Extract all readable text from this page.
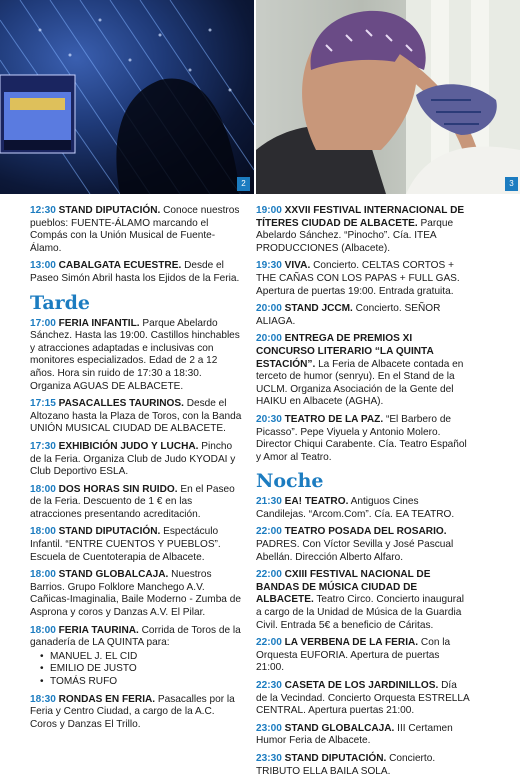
2	3

12:30 STAND DIPUTACIÓN. Conoce nuestros pueblos: FUENTE-ÁLAMO marcando el Compás con la Unión Musical de Fuente-Álamo.

13:00 CABALGATA ECUESTRE. Desde el Paseo Simón Abril hasta los Ejidos de la Feria.

Tarde

17:00 FERIA INFANTIL. Parque Abelardo Sánchez. Hasta las 19:00. Castillos hinchables y atracciones adaptadas e inclusivas con monitores especializados. Edad de 2 a 12 años. Hora sin ruido de 17:30 a 18:30. Organiza AGUAS DE ALBACETE.

17:15 PASACALLES TAURINOS. Desde el Altozano hasta la Plaza de Toros, con la Banda UNIÓN MUSICAL CIUDAD DE ALBACETE.

17:30 EXHIBICIÓN JUDO Y LUCHA. Pincho de la Feria. Organiza Club de Judo KYODAI y Club Deportivo ESLA.

18:00 DOS HORAS SIN RUIDO. En el Paseo de la Feria. Descuento de 1 € en las atracciones presentando acreditación.

18:00 STAND DIPUTACIÓN. Espectáculo Infantil. “ENTRE CUENTOS Y PUEBLOS”. Escuela de Cuentoterapia de Albacete.

18:00 STAND GLOBALCAJA. Nuestros Barrios. Grupo Folklore Manchego A.V. Cañicas-Imaginalia, Baile Moderno - Zumba de Asprona y coros y Danzas A.V. El Pilar.

18:00 FERIA TAURINA. Corrida de Toros de la ganadería de LA QUINTA para:

• MANUEL J. EL CID
• EMILIO DE JUSTO
• TOMÁS RUFO

18:30 RONDAS EN FERIA. Pasacalles por la Feria y Centro Ciudad, a cargo de la A.C. Coros y Danzas El Trillo.

19:00 XXVII FESTIVAL INTERNACIONAL DE TÍTERES CIUDAD DE ALBACETE. Parque Abelardo Sánchez. “Pinocho”. Cía. ITEA PRODUCCIONES (Albacete).

19:30 VIVA. Concierto. CELTAS CORTOS + THE CAÑAS CON LOS PAPAS + FULL GAS. Apertura de puertas 19:00. Entrada gratuita.

20:00 STAND JCCM. Concierto. SEÑOR ALIAGA.

20:00 ENTREGA DE PREMIOS XI CONCURSO LITERARIO “LA QUINTA ESTACIÓN”. La Feria de Albacete contada en terceto de humor (senryu). En el Stand de la UCLM. Organiza Asociación de la Gente del HAIKU en Albacete (AGHA).

20:30 TEATRO DE LA PAZ. “El Barbero de Picasso”. Pepe Viyuela y Antonio Molero. Director Chiqui Carabente. Cía. Teatro Español y Amor al Teatro.

Noche

21:30 EA! TEATRO. Antiguos Cines Candilejas. “Arcom.Com”. Cía. EA TEATRO.

22:00 TEATRO POSADA DEL ROSARIO. PADRES. Con Víctor Sevilla y José Pascual Abellán. Dirección Alberto Alfaro.

22:00 CXIII FESTIVAL NACIONAL DE BANDAS DE MÚSICA CIUDAD DE ALBACETE. Teatro Circo. Concierto inaugural a cargo de la Unidad de Música de la Guardia Civil. Entrada 5€ a beneficio de Cáritas.

22:00 LA VERBENA DE LA FERIA. Con la Orquesta EUFORIA. Apertura de puertas 21:00.

22:30 CASETA DE LOS JARDINILLOS. Día de la Vecindad. Concierto Orquesta ESTRELLA CENTRAL. Apertura puertas 21:00.

23:00 STAND GLOBALCAJA. III Certamen Humor Feria de Albacete.

23:30 STAND DIPUTACIÓN. Concierto. TRIBUTO ELLA BAILA SOLA.
